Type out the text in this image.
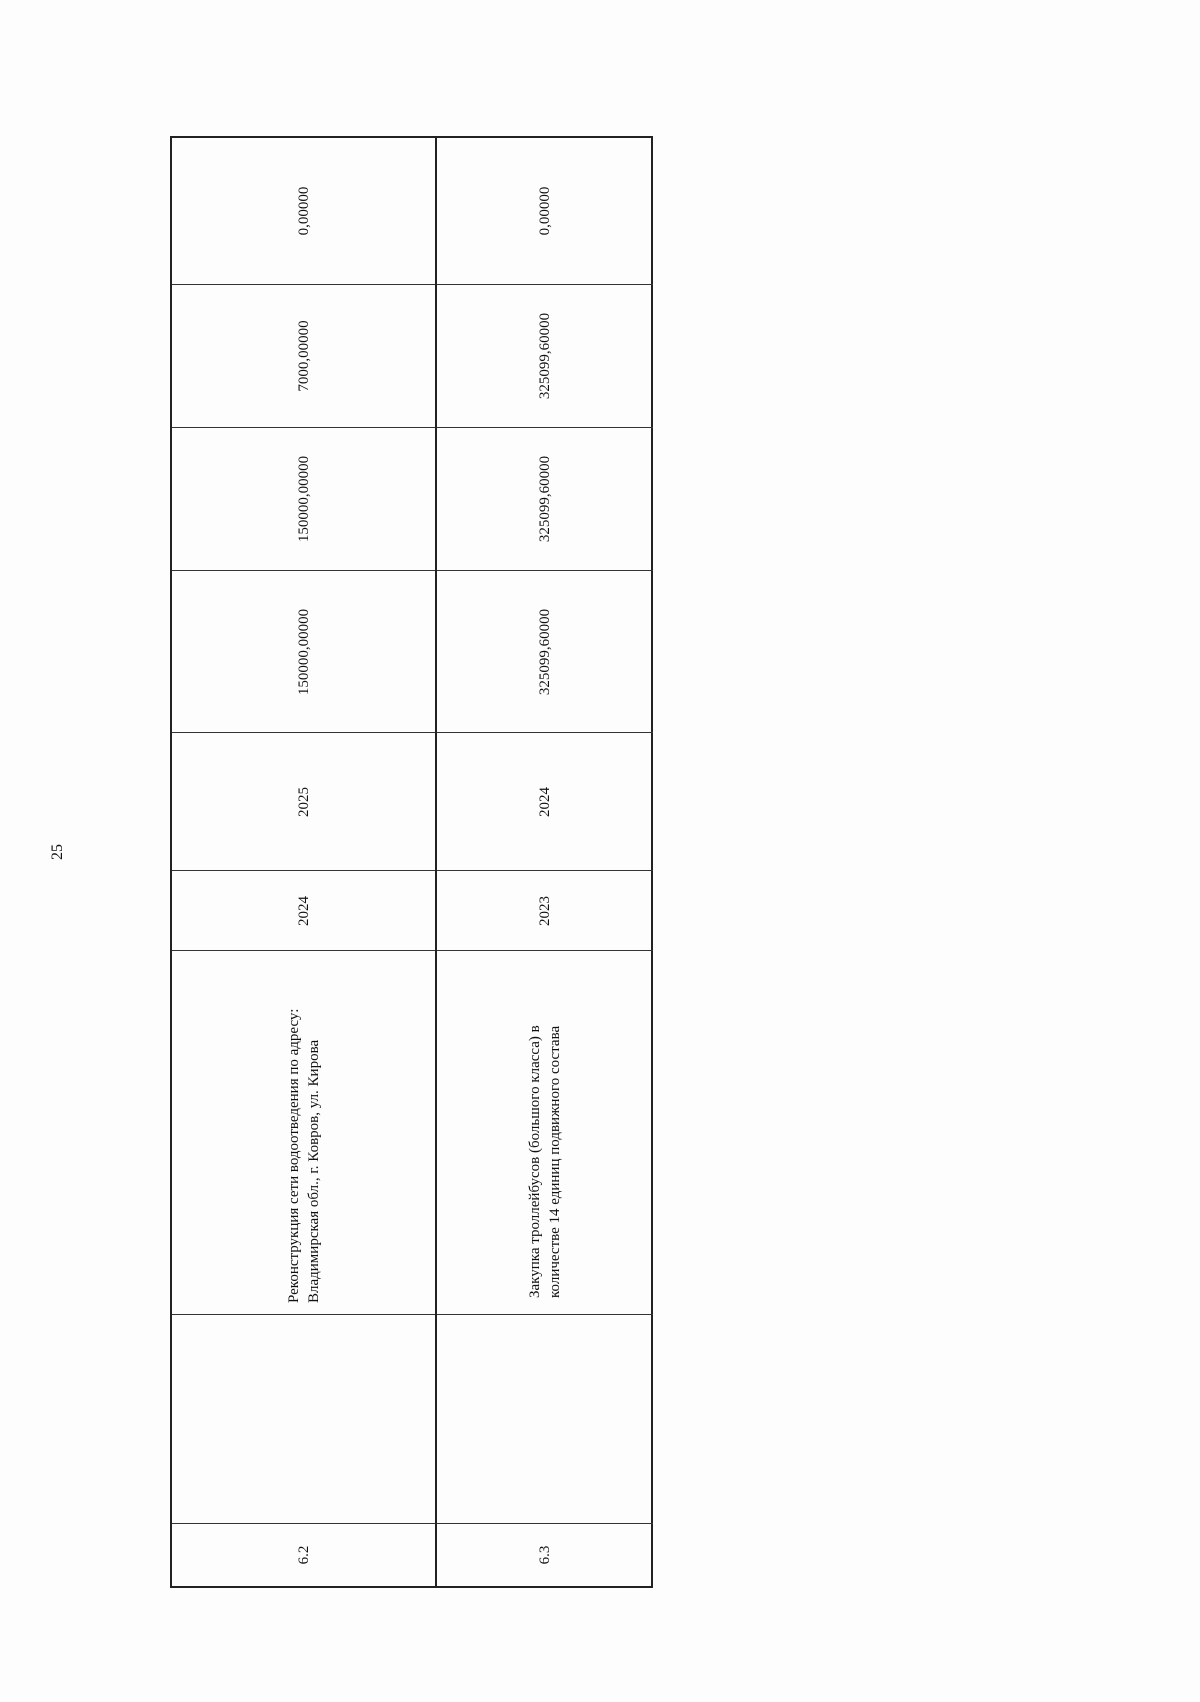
25
0,00000
7000,00000
150000,00000
150000,00000
2025
2024
Реконструкция сети водоотведения по адресу: Владимирская обл., г. Ковров, ул. Кирова
6.2
0,00000
325099,60000
325099,60000
325099,60000
2024
2023
Закупка троллейбусов (большого класса) в количестве 14 единиц подвижного состава
6.3
